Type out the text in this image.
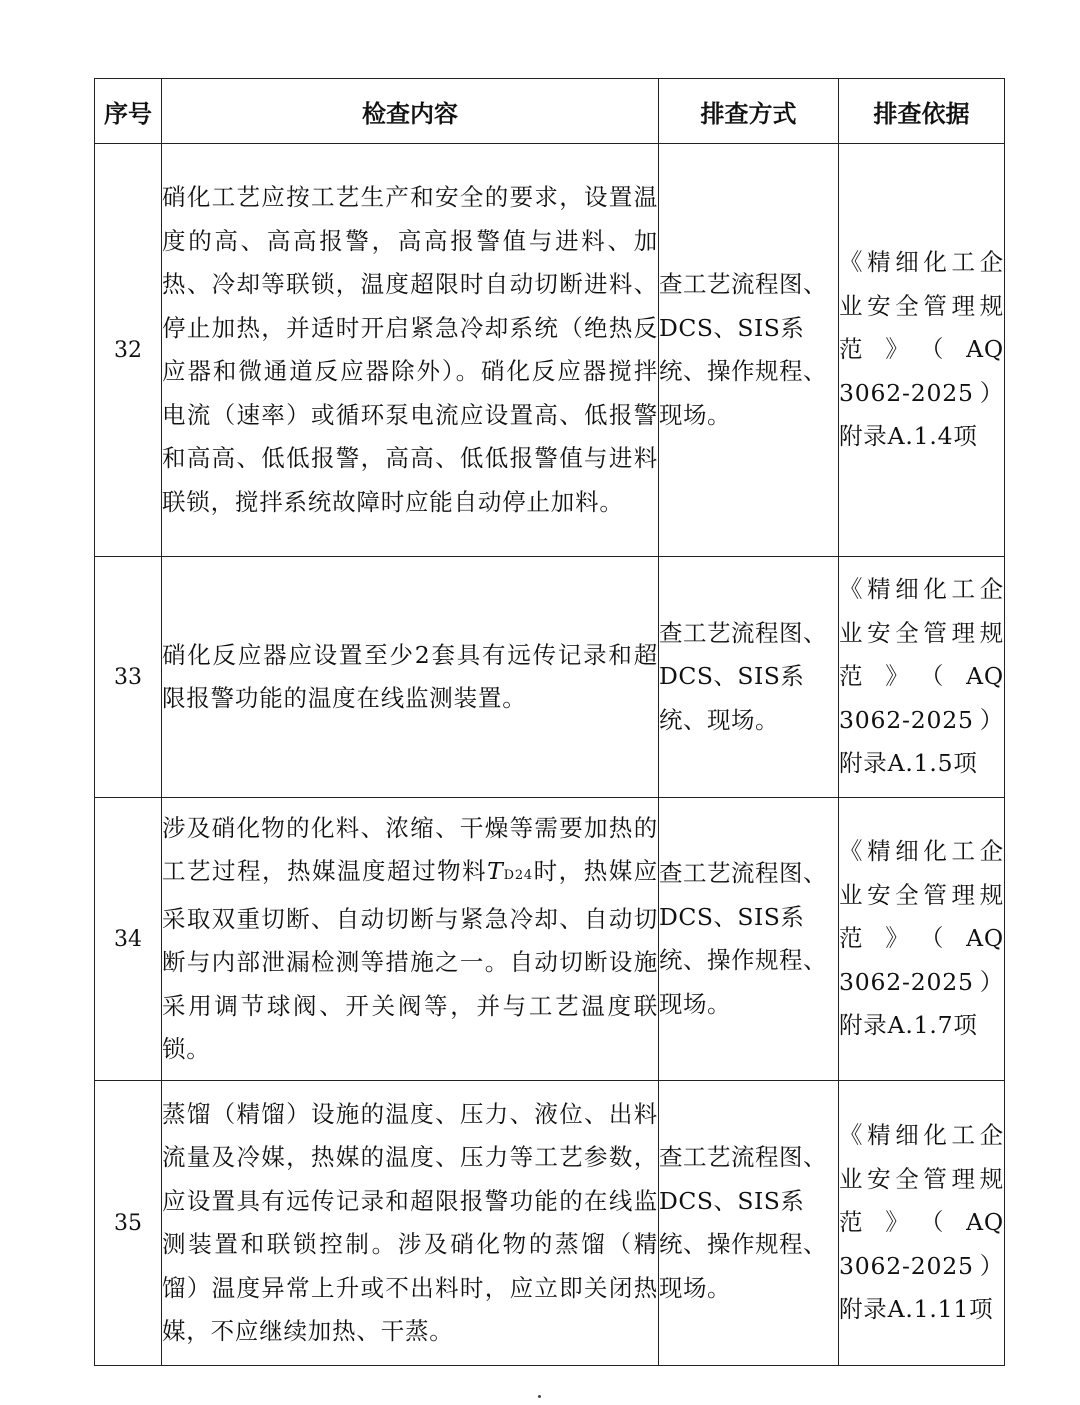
序号	检查内容	排查方式	排查依据
32	硝化工艺应按工艺生产和安全的要求，设置温度的高、高高报警，高高报警值与进料、加热、冷却等联锁，温度超限时自动切断进料、停止加热，并适时开启紧急冷却系统（绝热反应器和微通道反应器除外）。硝化反应器搅拌电流（速率）或循环泵电流应设置高、低报警和高高、低低报警，高高、低低报警值与进料联锁，搅拌系统故障时应能自动停止加料。	查工艺流程图、DCS、SIS系统、操作规程、现场。	《精细化工企业安全管理规范》（AQ 3062-2025）附录A.1.4项
33	硝化反应器应设置至少2套具有远传记录和超限报警功能的温度在线监测装置。	查工艺流程图、DCS、SIS系统、现场。	《精细化工企业安全管理规范》（AQ 3062-2025）附录A.1.5项
34	涉及硝化物的化料、浓缩、干燥等需要加热的工艺过程，热媒温度超过物料TD24时，热媒应采取双重切断、自动切断与紧急冷却、自动切断与内部泄漏检测等措施之一。自动切断设施采用调节球阀、开关阀等，并与工艺温度联锁。	查工艺流程图、DCS、SIS系统、操作规程、现场。	《精细化工企业安全管理规范》（AQ 3062-2025）附录A.1.7项
35	蒸馏（精馏）设施的温度、压力、液位、出料流量及冷媒，热媒的温度、压力等工艺参数，应设置具有远传记录和超限报警功能的在线监测装置和联锁控制。涉及硝化物的蒸馏（精馏）温度异常上升或不出料时，应立即关闭热媒，不应继续加热、干蒸。	查工艺流程图、DCS、SIS系统、操作规程、现场。	《精细化工企业安全管理规范》（AQ 3062-2025）附录A.1.11项
